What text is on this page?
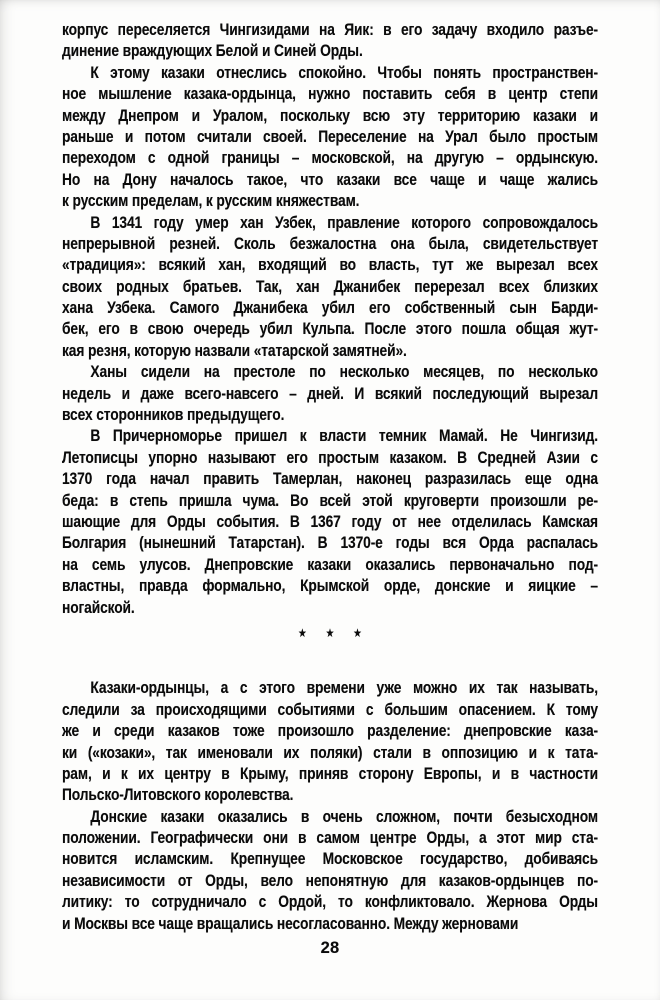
корпус переселяется Чингизидами на Яик: в его задачу входило разъе-
динение враждующих Белой и Синей Орды.
К этому казаки отнеслись спокойно. Чтобы понять пространствен-
ное мышление казака-ордынца, нужно поставить себя в центр степи
между Днепром и Уралом, поскольку всю эту территорию казаки и
раньше и потом считали своей. Переселение на Урал было простым
переходом с одной границы – московской, на другую – ордынскую.
Но на Дону началось такое, что казаки все чаще и чаще жались
к русским пределам, к русским княжествам.
В 1341 году умер хан Узбек, правление которого сопровождалось
непрерывной резней. Сколь безжалостна она была, свидетельствует
«традиция»: всякий хан, входящий во власть, тут же вырезал всех
своих родных братьев. Так, хан Джанибек перерезал всех близких
хана Узбека. Самого Джанибека убил его собственный сын Барди-
бек, его в свою очередь убил Кульпа. После этого пошла общая жут-
кая резня, которую назвали «татарской замятней».
Ханы сидели на престоле по несколько месяцев, по несколько
недель и даже всего-навсего – дней. И всякий последующий вырезал
всех сторонников предыдущего.
В Причерноморье пришел к власти темник Мамай. Не Чингизид.
Летописцы упорно называют его простым казаком. В Средней Азии с
1370 года начал править Тамерлан, наконец разразилась еще одна
беда: в степь пришла чума. Во всей этой круговерти произошли ре-
шающие для Орды события. В 1367 году от нее отделилась Камская
Болгария (нынешний Татарстан). В 1370-е годы вся Орда распалась
на семь улусов. Днепровские казаки оказались первоначально под-
властны, правда формально, Крымской орде, донские и яицкие –
ногайской.
★ ★ ★
Казаки-ордынцы, а с этого времени уже можно их так называть,
следили за происходящими событиями с большим опасением. К тому
же и среди казаков тоже произошло разделение: днепровские каза-
ки («козаки», так именовали их поляки) стали в оппозицию и к тата-
рам, и к их центру в Крыму, приняв сторону Европы, и в частности
Польско-Литовского королевства.
Донские казаки оказались в очень сложном, почти безысходном
положении. Географически они в самом центре Орды, а этот мир ста-
новится исламским. Крепнущее Московское государство, добиваясь
независимости от Орды, вело непонятную для казаков-ордынцев по-
литику: то сотрудничало с Ордой, то конфликтовало. Жернова Орды
и Москвы все чаще вращались несогласованно. Между жерновами
28
